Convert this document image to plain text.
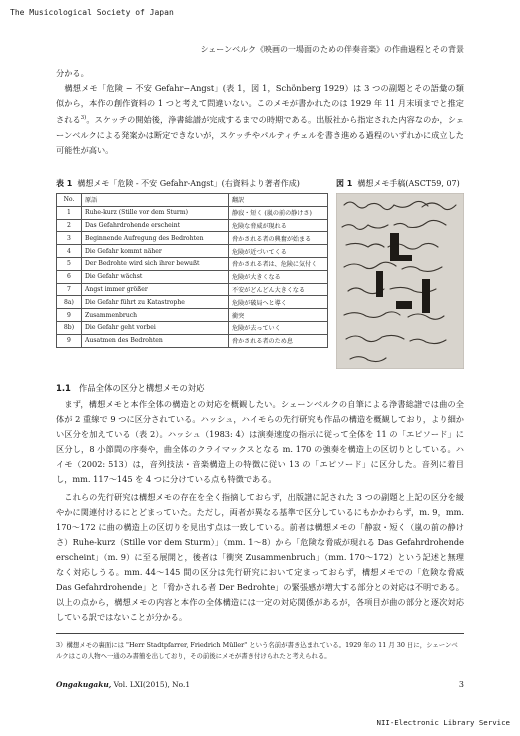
The Musicological Society of Japan
シェーンベルク《映画の一場面のための伴奏音楽》の作曲過程とその背景

分かる。
　構想メモ「危険 − 不安 Gefahr−Angst」(表 1，図 1，Schönberg 1929）は 3 つの副題とその語彙の類似から，本作の創作資料の 1 つと考えて問違いない。このメモが書かれたのは 1929 年 11 月末頃までと推定される$^{3)}$。スケッチの開始後，浄書総譜が完成するまでの時期である。出版社から指定された内容なのか，シェーンベルクによる発案かは断定できないが，スケッチやパルティチェルを書き進める過程のいずれかに成立した可能性が高い。

表 1 構想メモ「危険 - 不安 Gefahr-Angst」(右資料より著者作成)
No.	原語	翻訳
1	Ruhe-kurz (Stille vor dem Sturm)	静寂・短く (嵐の前の静けさ)
2	Das Gefahrdrohende erscheint	危険な脅威が現れる
3	Beginnende Aufregung des Bedrohten	脅かされる者の興奮が始まる
4	Die Gefahr kommt näher	危険が近づいてくる
5	Der Bedrohte wird sich ihrer bewußt	脅かされる者は、危険に気付く
6	Die Gefahr wächst	危険が大きくなる
7	Angst immer größer	不安がどんどん大きくなる
8a)	Die Gefahr führt zu Katastrophe	危険が破局へと導く
9	Zusammenbruch	衝突
8b)	Die Gefahr geht vorbei	危険が去っていく
9	Ausatmen des Bedrohten	脅かされる者のため息
図 1 構想メモ手稿(ASCT59, 07)
1.1 作品全体の区分と構想メモの対応

　まず，構想メモと本作全体の構造との対応を概観したい。シェーンベルクの自筆による浄書総譜では曲の全体が 2 重線で 9 つに区分されている。ハッシュ，ハイモらの先行研究も作品の構造を概観しており，より細かい区分を加えている（表 2）。ハッシュ（1983: 4）は演奏速度の指示に従って全体を 11 の「エピソード」に区分し，8 小節間の序奏や，曲全体のクライマックスとなる m. 170 の強奏を構造上の区切りとしている。ハイモ（2002: 513）は，音列技法・音楽構造上の特徴に従い 13 の「エピソード」に区分した。音列に着目し，mm. 117〜145 を 4 つに分けている点も特徴である。

　これらの先行研究は構想メモの存在を全く指摘しておらず，出版譜に記された 3 つの副題と上記の区分を緩やかに関連付けるにとどまっていた。ただし，両者が異なる基準で区分しているにもかかわらず，m. 9，mm. 170〜172 に曲の構造上の区切りを見出す点は一致している。前者は構想メモの「静寂・短く（嵐の前の静けさ）Ruhe-kurz（Stille vor dem Sturm）」（mm. 1〜8）から「危険な脅威が現れる Das Gefahrdrohende erscheint」（m. 9）に至る展開と，後者は「衝突 Zusammenbruch」（mm. 170〜172）という記述と無理なく対応しうる。mm. 44〜145 間の区分は先行研究において定まっておらず，構想メモでの「危険な脅威 Das Gefahrdrohende」と「脅かされる者 Der Bedrohte」の緊張感が増大する部分との対応は不明である。以上の点から，構想メモの内容と本作の全体構造には一定の対応関係があるが，各項目が曲の部分と逐次対応している訳ではないことが分かる。

3）構想メモの裏面には "Herr Stadtpfarrer, Friedrich Müller" という名前が書き込まれている。1929 年の 11 月 30 日に，シェーンベルクはこの人物へ一通のみ書簡を出しており，その前後にメモが書き付けられたと考えられる。
Ongakugaku, Vol. LXI(2015), No.1	3
NII-Electronic Library Service
